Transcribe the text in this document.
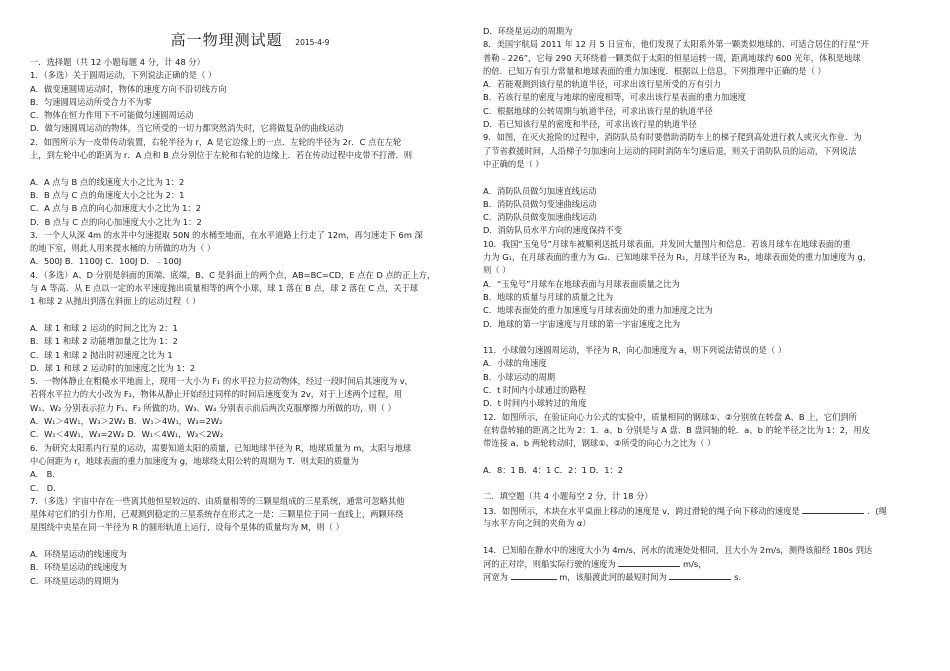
高一物理测试题 2015-4-9
一．选择题（共 12 小题每题 4 分，计 48 分）
1．（多选）关于圆周运动，下列说法正确的是（ ）
A．做变速圆周运动时，物体的速度方向不沿切线方向
B．匀速圆周运动所受合力不为零
C．物体在恒力作用下不可能做匀速圆周运动
D．做匀速圆周运动的物体，当它所受的一切力都突然消失时，它将做复杂的曲线运动
2．如图所示为一皮带传动装置，右轮半径为 r，A 是它边缘上的一点．左轮的半径为 2r．C 点在左轮
上，到左轮中心的距离为 r．A 点和 B 点分别位于左轮和右轮的边缘上．若在传动过程中皮带不打滑．则
A．A 点与 B 点的线速度大小之比为 1：2
B．B 点与 C 点的角速度大小之比为 2：1
C．A 点与 B 点的向心加速度大小之比为 1：2
D．B 点与 C 点的向心加速度大小之比为 1：2
3．一个人从深 4m 的水井中匀速提取 50N 的水桶至地面，在水平道路上行走了 12m，再匀速走下 6m 深
的地下室，则此人用来提水桶的力所做的功为（ ）
A．500J B．1100J C．100J D．﹣100J
4．（多选）A、D 分别是斜面的顶端、底端，B、C 是斜面上的两个点，AB=BC=CD，E 点在 D 点的正上方，
与 A 等高．从 E 点以一定的水平速度抛出质量相等的两个小球，球 1 落在 B 点，球 2 落在 C 点，关于球
1 和球 2 从抛出到落在斜面上的运动过程（ ）
A．球 1 和球 2 运动的时间之比为 2：1
B．球 1 和球 2 动能增加量之比为 1：2
C．球 1 和球 2 抛出时初速度之比为 1
D．球 1 和球 2 运动时的加速度之比为 1：2
5．一物体静止在粗糙水平地面上，现用一大小为 F₁ 的水平拉力拉动物体，经过一段时间后其速度为 v，
若将水平拉力的大小改为 F₂，物体从静止开始经过同样的时间后速度变为 2v，对于上述两个过程，用
W₁、W₂ 分别表示拉力 F₁、F₂ 所做的功，W₃、W₄ 分别表示前后两次克服摩擦力所做的功，则（ ）
A．W₁＞4W₁，W₃＞2W₂ B．W₁＞4W₁，W₃=2W₂
C．W₁＜4W₁，W₃=2W₂ D．W₁＜4W₁，W₃＜2W₂
6．为研究太阳系内行星的运动，需要知道太阳的质量，已知地球半径为 R，地球质量为 m，太阳与地球
中心间距为 r，地球表面的重力加速度为 g，地球绕太阳公转的周期为 T．则太阳的质量为
A． B．
C． D．
7．（多选）宇宙中存在一些离其他恒星较远的、由质量相等的三颗星组成的三星系统，通常可忽略其他
星体对它们的引力作用，已观测到稳定的三星系统存在形式之一是：三颗星位于同一直线上，两颗环绕
星围绕中央星在同一半径为 R 的圆形轨道上运行，设每个星体的质量均为 M，则（ ）
A．环绕星运动的线速度为
B．环绕星运动的线速度为
C．环绕星运动的周期为
D．环绕星运动的周期为
8．美国宇航局 2011 年 12 月 5 日宣布，他们发现了太阳系外第一颗类似地球的、可适合居住的行星“开
普勒﹣226”，它每 290 天环绕着一颗类似于太阳的恒星运转一周，距离地球约 600 光年，体积是地球
的倍．已知万有引力常量和地球表面的重力加速度．根据以上信息，下列推理中正确的是（ ）
A．若能观测到该行星的轨道半径，可求出该行星所受的万有引力
B．若该行星的密度与地球的密度相等，可求出该行星表面的重力加速度
C．根据地球的公转周期与轨道半径，可求出该行星的轨道半径
D．若已知该行星的密度和半径，可求出该行星的轨道半径
9．如图，在灭火抢险的过程中，消防队员有时要借助消防车上的梯子爬到高处进行救人或灭火作业．为
了节省救援时间，人沿梯子匀加速向上运动的同时消防车匀速后退，则关于消防队员的运动，下列说法
中正确的是（ ）
A．消防队员做匀加速直线运动
B．消防队员做匀变速曲线运动
C．消防队员做变加速曲线运动
D．消防队员水平方向的速度保持不变
10．我国“玉兔号”月球车被顺利送抵月球表面，并发回大量图片和信息．若该月球车在地球表面的重
力为 G₁，在月球表面的重力为 G₂．已知地球半径为 R₁，月球半径为 R₂，地球表面处的重力加速度为 g，
则（ ）
A．“玉兔号”月球车在地球表面与月球表面质量之比为
B．地球的质量与月球的质量之比为
C．地球表面处的重力加速度与月球表面处的重力加速度之比为
D．地球的第一宇宙速度与月球的第一宇宙速度之比为
11．小球做匀速圆周运动，半径为 R，向心加速度为 a，则下列说法错误的是（ ）
A．小球的角速度
B．小球运动的周期
C．t 时间内小球通过的路程
D．t 时间内小球转过的角度
12．如图所示，在验证向心力公式的实验中，质量相同的钢球①、②分别放在转盘 A、B 上，它们到所
在转盘转轴的距离之比为 2：1．a、b 分别是与 A 盘、B 盘同轴的轮．a、b 的轮半径之比为 1：2，用皮
带连接 a、b 两轮转动时，钢球①、②所受的向心力之比为（ ）
A．8：1 B．4：1 C．2：1 D．1：2
二．填空题（共 4 小题每空 2 分，计 18 分）
13．如图所示，木块在水平桌面上移动的速度是 v，跨过滑轮的绳子向下移动的速度是	．(绳
与水平方向之间的夹角为 α）
14．已知船在静水中的速度大小为 4m/s，河水的流速处处相同，且大小为 2m/s，测得该船经 180s 到达
河的正对岸，则船实际行驶的速度为	m/s，
河宽为	m，该船渡此河的最短时间为	s.
